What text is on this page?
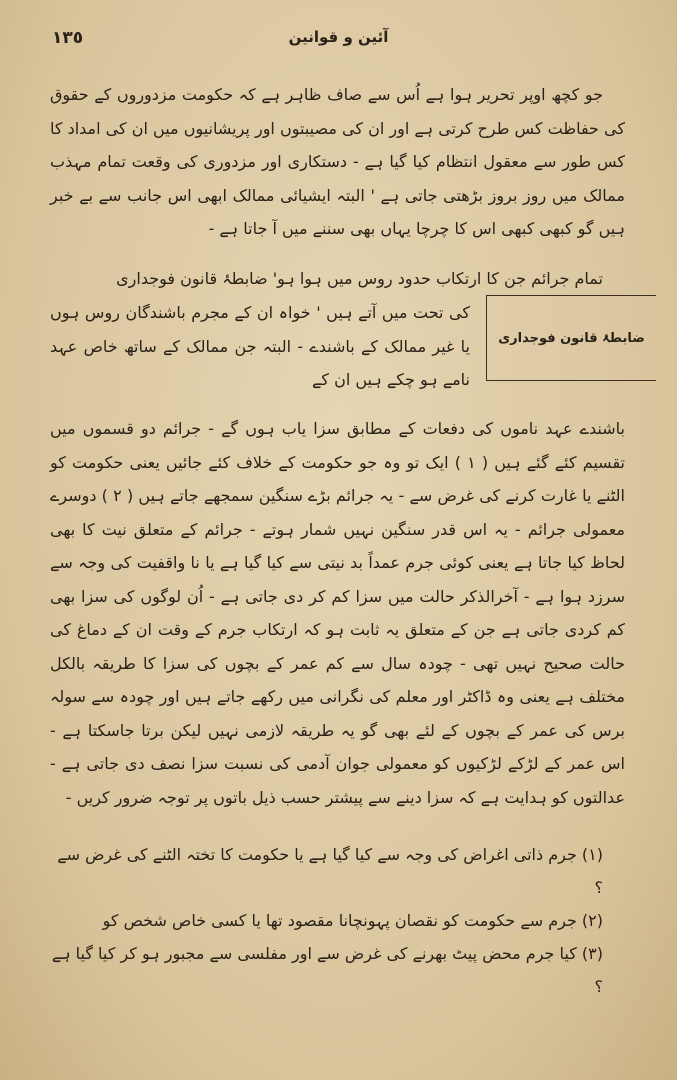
١٣٥	آئین و قوانین

جو کچھ اوپر تحریر ہوا ہے اُس سے صاف ظاہر ہے کہ حکومت مزدوروں کے حقوق کی حفاظت کس طرح کرتی ہے اور ان کی مصیبتوں اور پریشانیوں میں ان کی امداد کا کس طور سے معقول انتظام کیا گیا ہے - دستکاری اور مزدوری کی وقعت تمام مہذب ممالک میں روز بروز بڑھتی جاتی ہے ' البتہ ایشیائی ممالک ابھی اس جانب سے بے خبر ہیں گو کبھی کبھی اس کا چرچا یہاں بھی سننے میں آ جاتا ہے -

تمام جرائم جن کا ارتکاب حدود روس میں ہوا ہو' ضابطۂ قانون فوجداری

ضابطۂ قانون فوجداری

کی تحت میں آتے ہیں ' خواہ ان کے مجرم باشندگان روس ہوں یا غیر ممالک کے باشندے - البتہ جن ممالک کے ساتھ خاص عہد نامے ہو چکے ہیں ان کے

باشندے عہد ناموں کی دفعات کے مطابق سزا یاب ہوں گے - جرائم دو قسموں میں تقسیم کئے گئے ہیں ( ١ ) ایک تو وہ جو حکومت کے خلاف کئے جائیں یعنی حکومت کو الٹنے یا غارت کرنے کی غرض سے - یہ جرائم بڑے سنگین سمجھے جاتے ہیں ( ٢ ) دوسرے معمولی جرائم - یہ اس قدر سنگین نہیں شمار ہوتے - جرائم کے متعلق نیت کا بھی لحاظ کیا جاتا ہے یعنی کوئی جرم عمداً بد نیتی سے کیا گیا ہے یا نا واقفیت کی وجہ سے سرزد ہوا ہے - آخرالذکر حالت میں سزا کم کر دی جاتی ہے - اُن لوگوں کی سزا بھی کم کردی جاتی ہے جن کے متعلق یہ ثابت ہو کہ ارتکاب جرم کے وقت ان کے دماغ کی حالت صحیح نہیں تھی - چودہ سال سے کم عمر کے بچوں کی سزا کا طریقہ بالکل مختلف ہے یعنی وہ ڈاکٹر اور معلم کی نگرانی میں رکھے جاتے ہیں اور چودہ سے سولہ برس کی عمر کے بچوں کے لئے بھی گو یہ طریقہ لازمی نہیں لیکن برتا جاسکتا ہے - اس عمر کے لڑکے لڑکیوں کو معمولی جوان آدمی کی نسبت سزا نصف دی جاتی ہے - عدالتوں کو ہدایت ہے کہ سزا دینے سے پیشتر حسب ذیل باتوں پر توجہ ضرور کریں -

(١) جرم ذاتی اغراض کی وجہ سے کیا گیا ہے یا حکومت کا تختہ الٹنے کی غرض سے ؟

(٢) جرم سے حکومت کو نقصان پہونچانا مقصود تھا یا کسی خاص شخص کو

(٣) کیا جرم محض پیٹ بھرنے کی غرض سے اور مفلسی سے مجبور ہو کر کیا گیا ہے ؟
